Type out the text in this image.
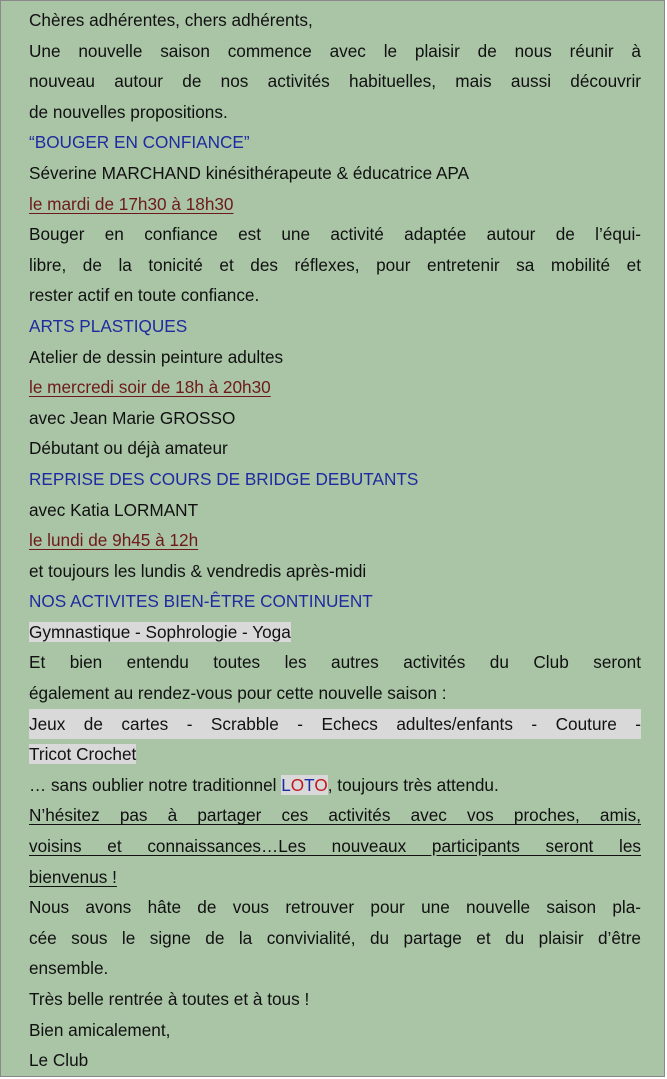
Chères adhérentes, chers adhérents,
Une nouvelle saison commence avec le plaisir de nous réunir à
nouveau autour de nos activités habituelles, mais aussi découvrir
de nouvelles propositions.
“BOUGER EN CONFIANCE”
Séverine MARCHAND kinésithérapeute & éducatrice APA
le mardi de 17h30 à 18h30
Bouger en confiance est une activité adaptée autour de l’équi-
libre, de la tonicité et des réflexes, pour entretenir sa mobilité et
rester actif en toute confiance.
ARTS PLASTIQUES
Atelier de dessin peinture adultes
le mercredi soir de 18h à 20h30
avec Jean Marie GROSSO
Débutant ou déjà amateur
REPRISE DES COURS DE BRIDGE DEBUTANTS
avec Katia LORMANT
le lundi de 9h45 à 12h
et toujours les lundis & vendredis après-midi
NOS ACTIVITES BIEN-ÊTRE CONTINUENT
Gymnastique - Sophrologie - Yoga
Et bien entendu toutes les autres activités du Club seront
également au rendez-vous pour cette nouvelle saison :
Jeux de cartes - Scrabble - Echecs adultes/enfants - Couture -
Tricot Crochet
… sans oublier notre traditionnel LOTO, toujours très attendu.
N’hésitez pas à partager ces activités avec vos proches, amis,
voisins et connaissances…Les nouveaux participants seront les
bienvenus !
Nous avons hâte de vous retrouver pour une nouvelle saison pla-
cée sous le signe de la convivialité, du partage et du plaisir d’être
ensemble.
Très belle rentrée à toutes et à tous !
Bien amicalement,
Le Club
